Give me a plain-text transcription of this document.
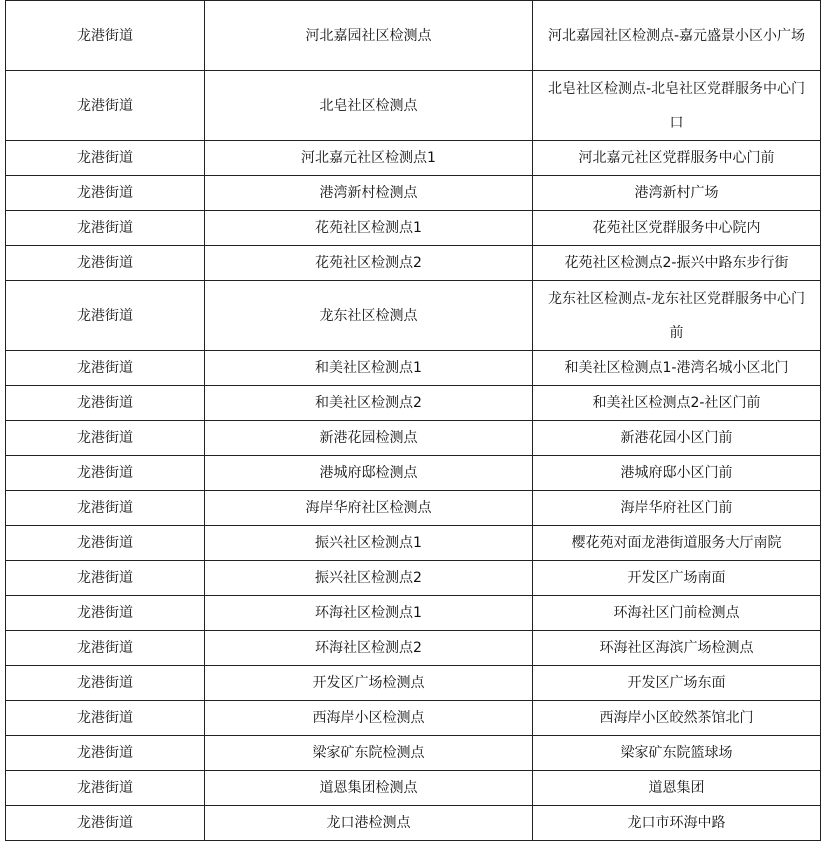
龙港街道	河北嘉园社区检测点	河北嘉园社区检测点-嘉元盛景小区小广场
龙港街道	北皂社区检测点	北皂社区检测点-北皂社区党群服务中心门口
龙港街道	河北嘉元社区检测点1	河北嘉元社区党群服务中心门前
龙港街道	港湾新村检测点	港湾新村广场
龙港街道	花苑社区检测点1	花苑社区党群服务中心院内
龙港街道	花苑社区检测点2	花苑社区检测点2-振兴中路东步行街
龙港街道	龙东社区检测点	龙东社区检测点-龙东社区党群服务中心门前
龙港街道	和美社区检测点1	和美社区检测点1-港湾名城小区北门
龙港街道	和美社区检测点2	和美社区检测点2-社区门前
龙港街道	新港花园检测点	新港花园小区门前
龙港街道	港城府邸检测点	港城府邸小区门前
龙港街道	海岸华府社区检测点	海岸华府社区门前
龙港街道	振兴社区检测点1	樱花苑对面龙港街道服务大厅南院
龙港街道	振兴社区检测点2	开发区广场南面
龙港街道	环海社区检测点1	环海社区门前检测点
龙港街道	环海社区检测点2	环海社区海滨广场检测点
龙港街道	开发区广场检测点	开发区广场东面
龙港街道	西海岸小区检测点	西海岸小区皎然茶馆北门
龙港街道	梁家矿东院检测点	梁家矿东院篮球场
龙港街道	道恩集团检测点	道恩集团
龙港街道	龙口港检测点	龙口市环海中路
